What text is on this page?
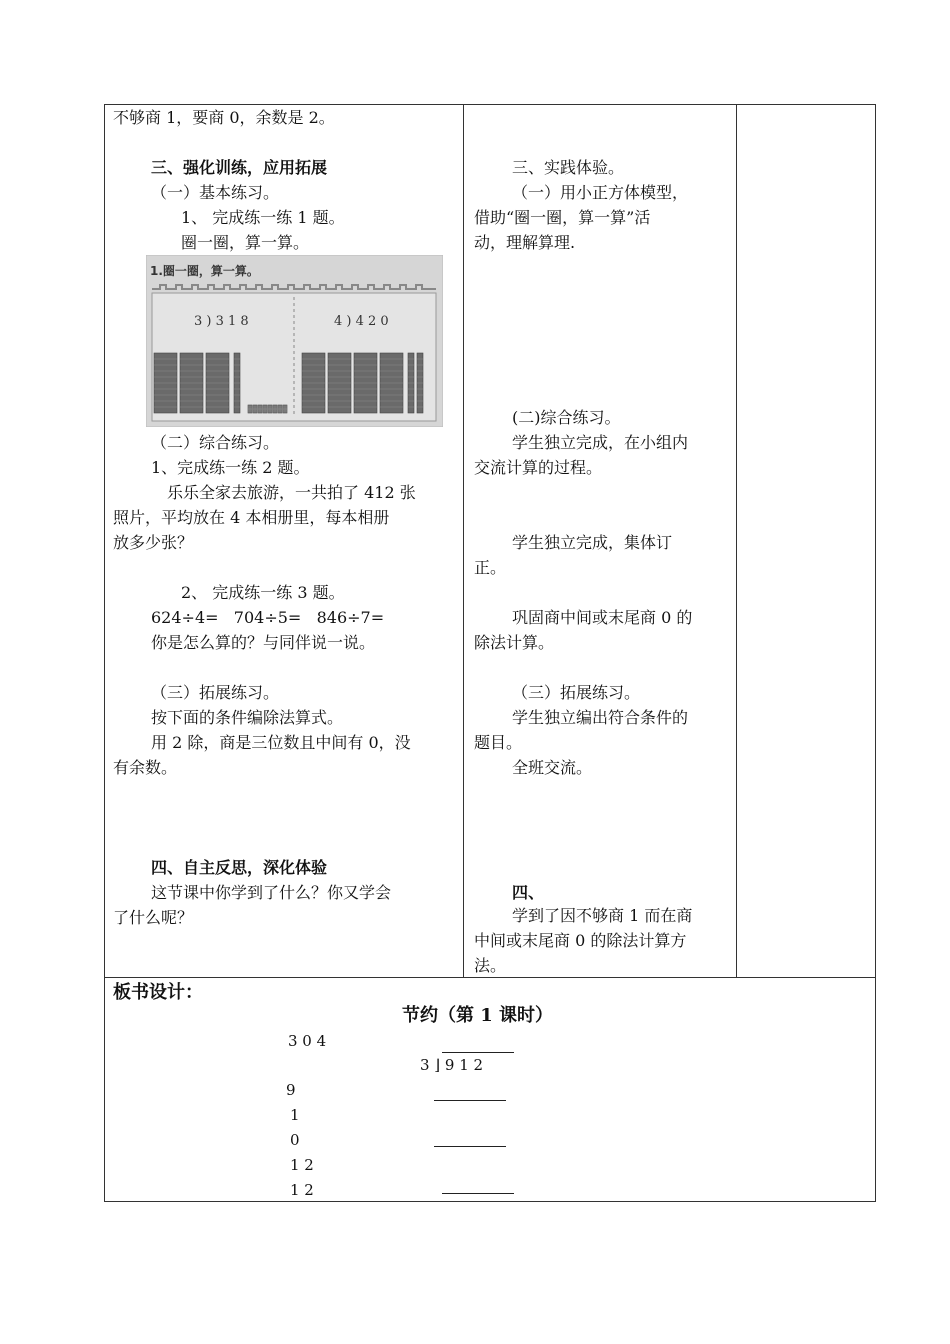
不够商 1，要商 0，余数是 2。
三、强化训练，应用拓展
（一）基本练习。
1、 完成练一练 1 题。
圈一圈，算一算。
1.圈一圈，算一算。
3 ) 3 1 8	4 ) 4 2 0
（二）综合练习。
1、完成练一练 2 题。
乐乐全家去旅游，一共拍了 412 张
照片，平均放在 4 本相册里，每本相册
放多少张？
2、 完成练一练 3 题。
624÷4=   704÷5=   846÷7=
你是怎么算的？与同伴说一说。
（三）拓展练习。
按下面的条件编除法算式。
用 2 除，商是三位数且中间有 0，没
有余数。
四、自主反思，深化体验
这节课中你学到了什么？你又学会
了什么呢？
三、实践体验。
（一）用小正方体模型，
借助“圈一圈，算一算”活
动，理解算理.
(二)综合练习。
学生独立完成，在小组内
交流计算的过程。
学生独立完成，集体订
正。
巩固商中间或末尾商 0 的
除法计算。
（三）拓展练习。
学生独立编出符合条件的
题目。
全班交流。
四、
学到了因不够商 1 而在商
中间或末尾商 0 的除法计算方
法。
板书设计：
节约（第 1 课时）
3 0 4
3 ⌋ 9 1 2
9
1
0
1 2
1 2
